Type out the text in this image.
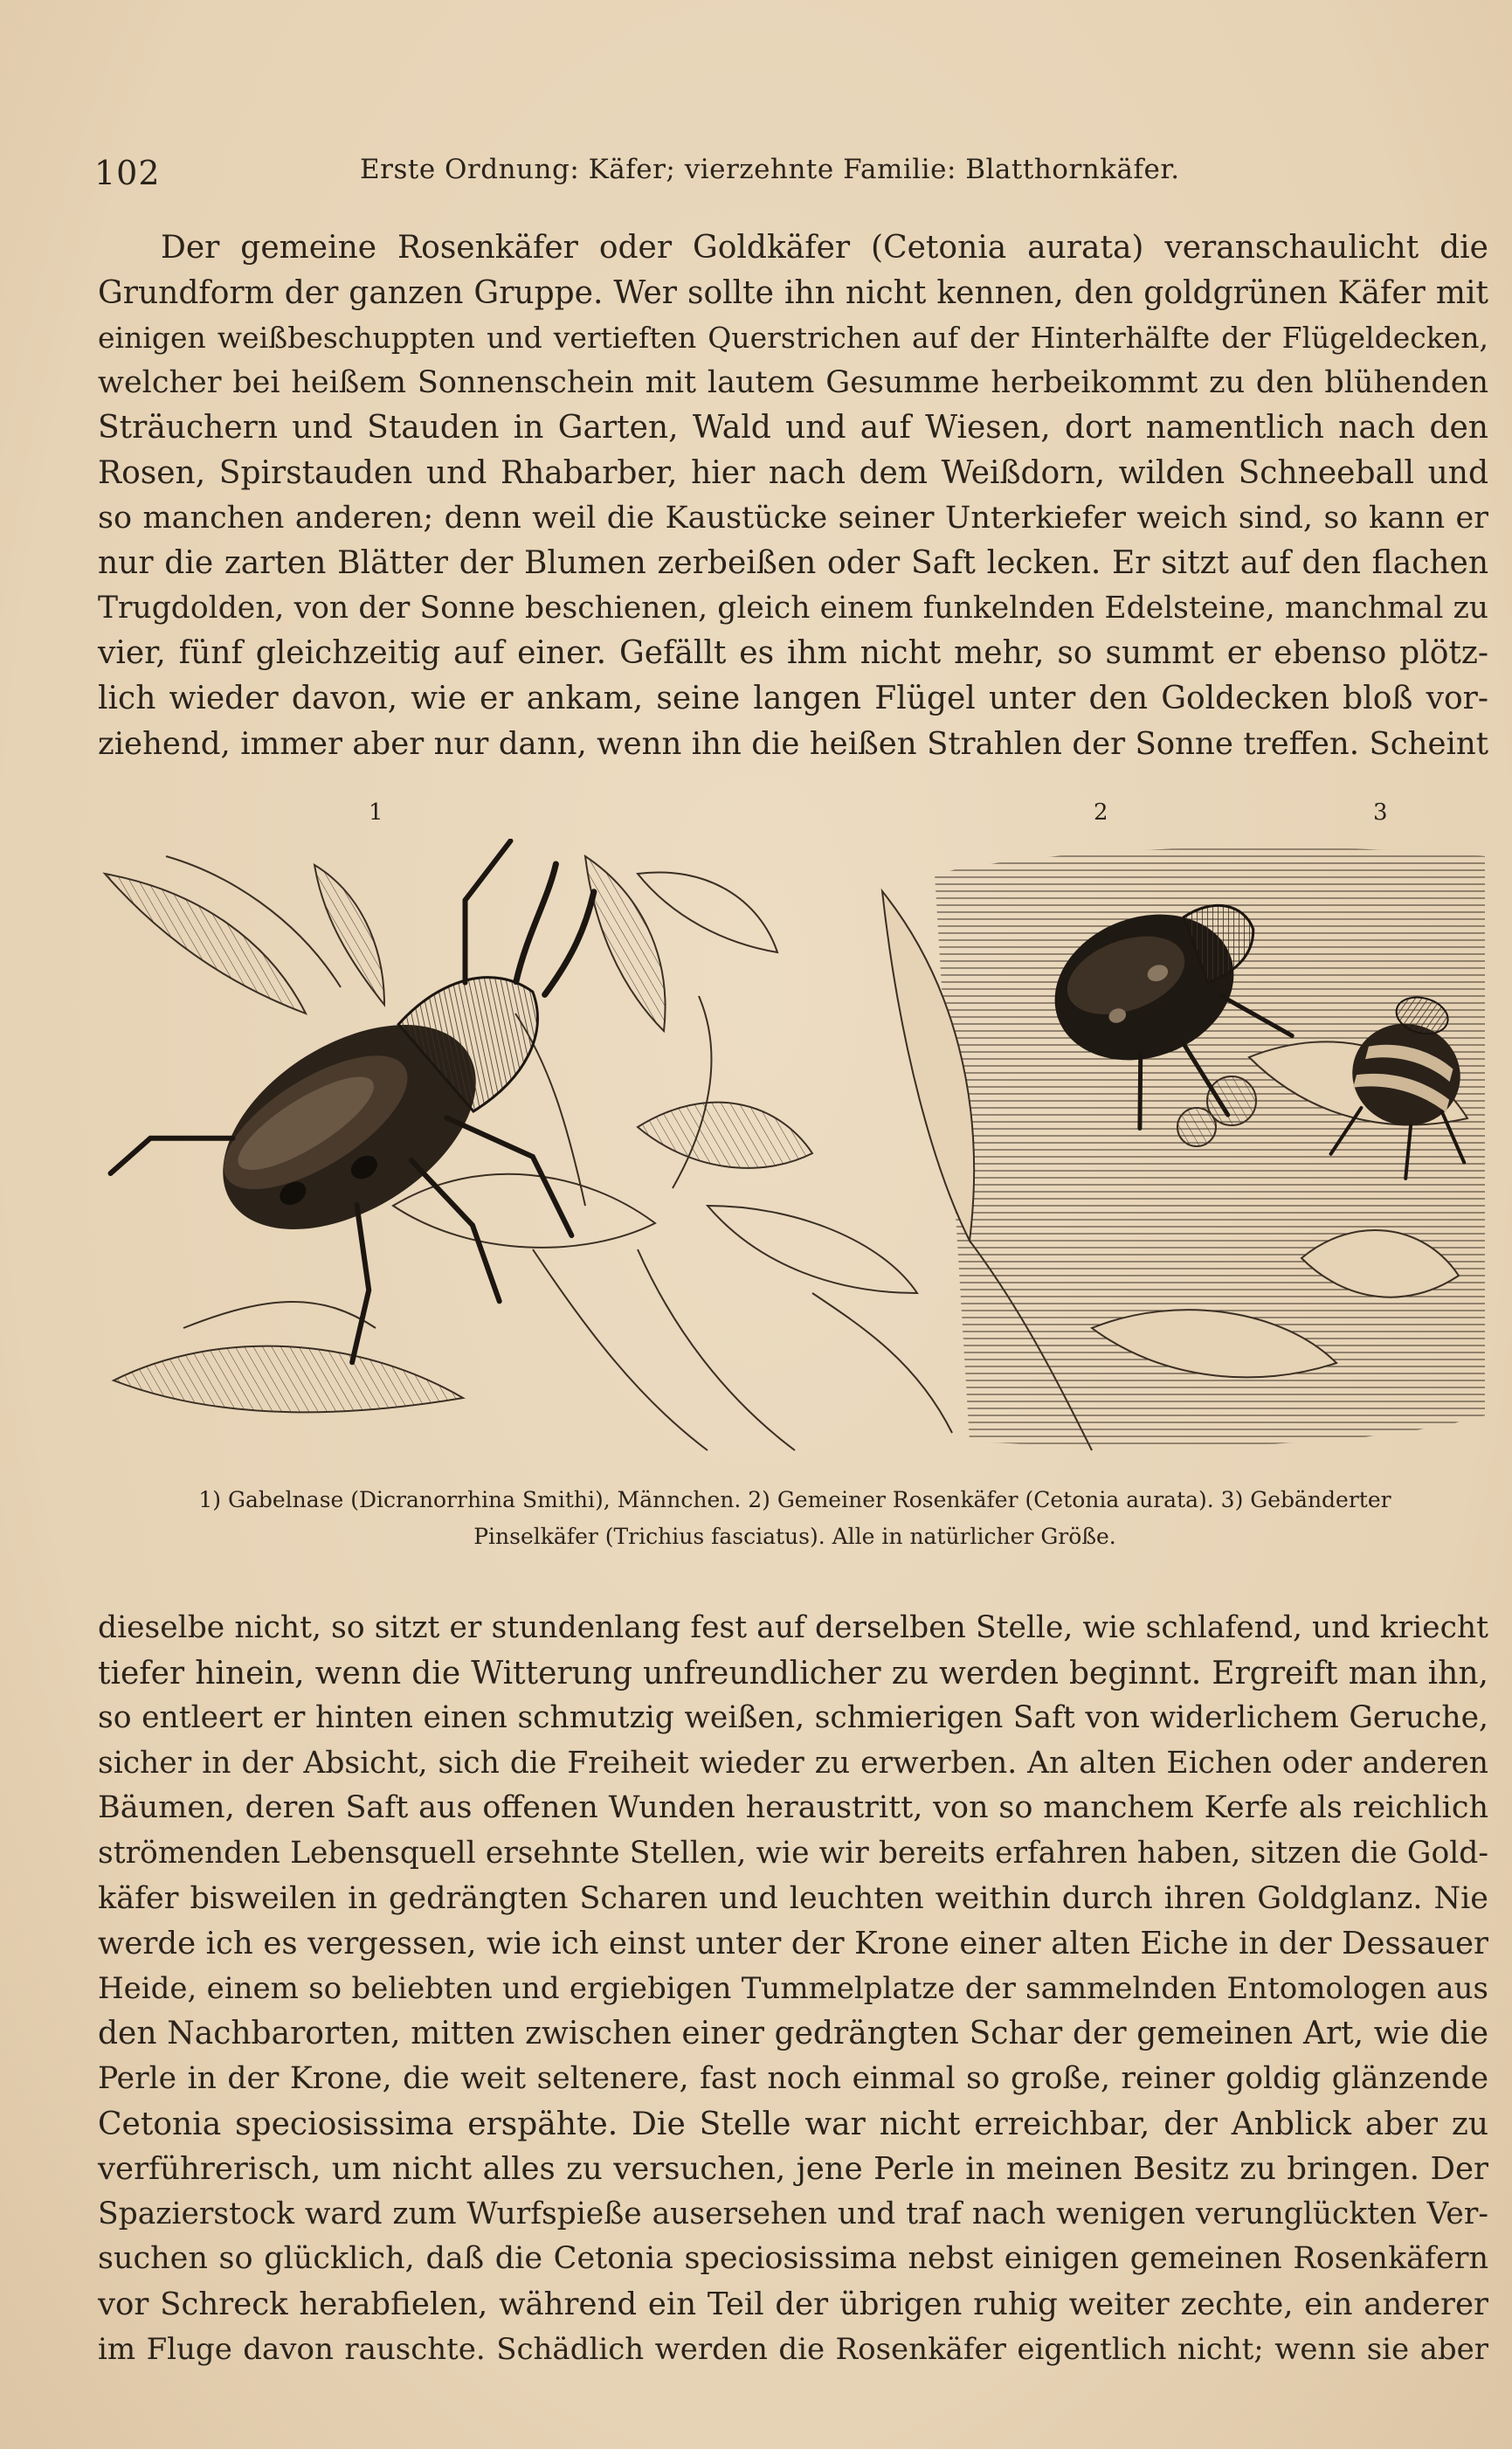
102	Erste Ordnung: Käfer; vierzehnte Familie: Blatthornkäfer.
Der gemeine Rosenkäfer oder Goldkäfer (Cetonia aurata) veranschaulicht die
Grundform der ganzen Gruppe. Wer sollte ihn nicht kennen, den goldgrünen Käfer mit
einigen weißbeschuppten und vertieften Querstrichen auf der Hinterhälfte der Flügeldecken,
welcher bei heißem Sonnenschein mit lautem Gesumme herbeikommt zu den blühenden
Sträuchern und Stauden in Garten, Wald und auf Wiesen, dort namentlich nach den
Rosen, Spirstauden und Rhabarber, hier nach dem Weißdorn, wilden Schneeball und
so manchen anderen; denn weil die Kaustücke seiner Unterkiefer weich sind, so kann er
nur die zarten Blätter der Blumen zerbeißen oder Saft lecken. Er sitzt auf den flachen
Trugdolden, von der Sonne beschienen, gleich einem funkelnden Edelsteine, manchmal zu
vier, fünf gleichzeitig auf einer. Gefällt es ihm nicht mehr, so summt er ebenso plötz-
lich wieder davon, wie er ankam, seine langen Flügel unter den Goldecken bloß vor-
ziehend, immer aber nur dann, wenn ihn die heißen Strahlen der Sonne treffen. Scheint
1	2	3
1) Gabelnase (Dicranorrhina Smithi), Männchen. 2) Gemeiner Rosenkäfer (Cetonia aurata). 3) Gebänderter
Pinselkäfer (Trichius fasciatus). Alle in natürlicher Größe.
dieselbe nicht, so sitzt er stundenlang fest auf derselben Stelle, wie schlafend, und kriecht
tiefer hinein, wenn die Witterung unfreundlicher zu werden beginnt. Ergreift man ihn,
so entleert er hinten einen schmutzig weißen, schmierigen Saft von widerlichem Geruche,
sicher in der Absicht, sich die Freiheit wieder zu erwerben. An alten Eichen oder anderen
Bäumen, deren Saft aus offenen Wunden heraustritt, von so manchem Kerfe als reichlich
strömenden Lebensquell ersehnte Stellen, wie wir bereits erfahren haben, sitzen die Gold-
käfer bisweilen in gedrängten Scharen und leuchten weithin durch ihren Goldglanz. Nie
werde ich es vergessen, wie ich einst unter der Krone einer alten Eiche in der Dessauer
Heide, einem so beliebten und ergiebigen Tummelplatze der sammelnden Entomologen aus
den Nachbarorten, mitten zwischen einer gedrängten Schar der gemeinen Art, wie die
Perle in der Krone, die weit seltenere, fast noch einmal so große, reiner goldig glänzende
Cetonia speciosissima erspähte. Die Stelle war nicht erreichbar, der Anblick aber zu
verführerisch, um nicht alles zu versuchen, jene Perle in meinen Besitz zu bringen. Der
Spazierstock ward zum Wurfspieße ausersehen und traf nach wenigen verunglückten Ver-
suchen so glücklich, daß die Cetonia speciosissima nebst einigen gemeinen Rosenkäfern
vor Schreck herabfielen, während ein Teil der übrigen ruhig weiter zechte, ein anderer
im Fluge davon rauschte. Schädlich werden die Rosenkäfer eigentlich nicht; wenn sie aber
